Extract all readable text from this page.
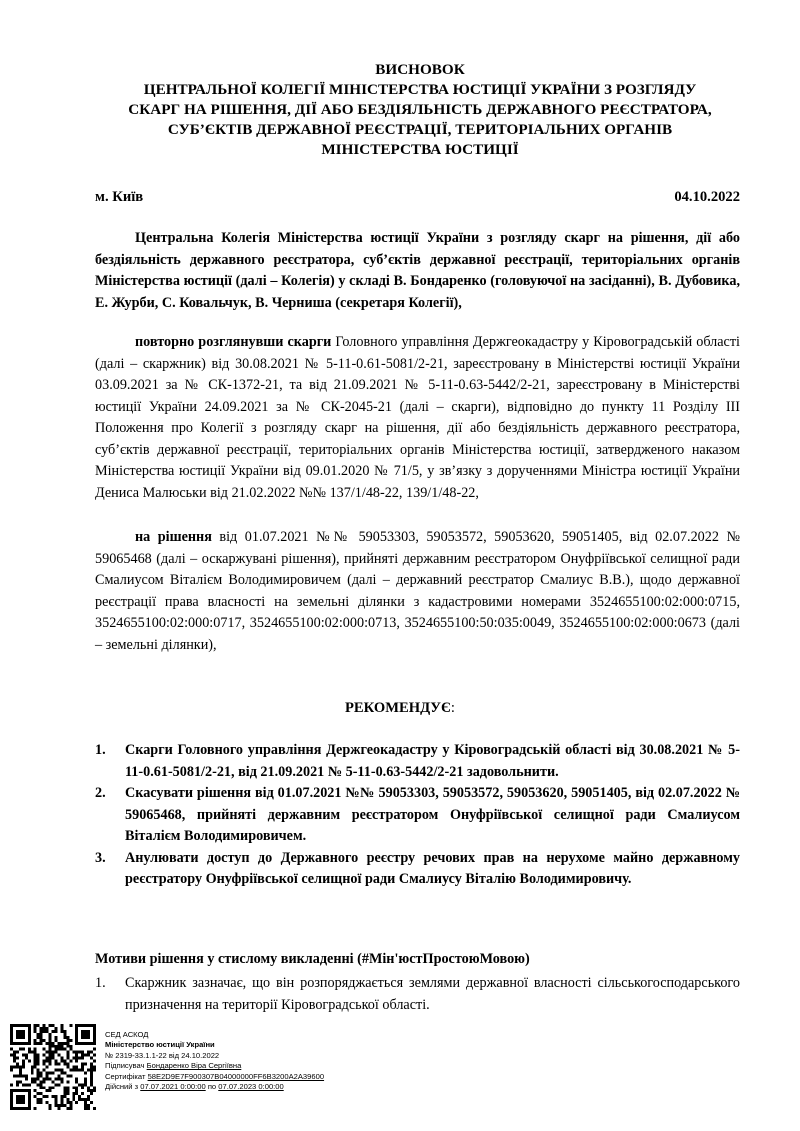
ВИСНОВОК
ЦЕНТРАЛЬНОЇ КОЛЕГІЇ МІНІСТЕРСТВА ЮСТИЦІЇ УКРАЇНИ З РОЗГЛЯДУ
СКАРГ НА РІШЕННЯ, ДІЇ АБО БЕЗДІЯЛЬНІСТЬ ДЕРЖАВНОГО РЕЄСТРАТОРА,
СУБ’ЄКТІВ ДЕРЖАВНОЇ РЕЄСТРАЦІЇ, ТЕРИТОРІАЛЬНИХ ОРГАНІВ
МІНІСТЕРСТВА ЮСТИЦІЇ
м. Київ	04.10.2022
Центральна Колегія Міністерства юстиції України з розгляду скарг на рішення, дії або бездіяльність державного реєстратора, суб’єктів державної реєстрації, територіальних органів Міністерства юстиції (далі – Колегія) у складі В. Бондаренко (головуючої на засіданні), В. Дубовика, Е. Журби, С. Ковальчук, В. Черниша (секретаря Колегії),
повторно розглянувши скарги Головного управління Держгеокадастру у Кіровоградській області (далі – скаржник) від 30.08.2021 № 5-11-0.61-5081/2-21, зареєстровану в Міністерстві юстиції України 03.09.2021 за № СК-1372-21, та від 21.09.2021 № 5-11-0.63-5442/2-21, зареєстровану в Міністерстві юстиції України 24.09.2021 за № СК-2045-21 (далі – скарги), відповідно до пункту 11 Розділу ІІІ Положення про Колегії з розгляду скарг на рішення, дії або бездіяльність державного реєстратора, суб’єктів державної реєстрації, територіальних органів Міністерства юстиції, затвердженого наказом Міністерства юстиції України від 09.01.2020 № 71/5, у зв’язку з дорученнями Міністра юстиції України Дениса Малюськи від 21.02.2022 №№ 137/1/48-22, 139/1/48-22,
на рішення від 01.07.2021 №№ 59053303, 59053572, 59053620, 59051405, від 02.07.2022 № 59065468 (далі – оскаржувані рішення), прийняті державним реєстратором Онуфріївської селищної ради Смалиусом Віталієм Володимировичем (далі – державний реєстратор Смалиус В.В.), щодо державної реєстрації права власності на земельні ділянки з кадастровими номерами 3524655100:02:000:0715, 3524655100:02:000:0717, 3524655100:02:000:0713, 3524655100:50:035:0049, 3524655100:02:000:0673 (далі – земельні ділянки),
РЕКОМЕНДУЄ:
1. Скарги Головного управління Держгеокадастру у Кіровоградській області від 30.08.2021 № 5-11-0.61-5081/2-21, від 21.09.2021 № 5-11-0.63-5442/2-21 задовольнити.
2. Скасувати рішення від 01.07.2021 №№ 59053303, 59053572, 59053620, 59051405, від 02.07.2022 № 59065468, прийняті державним реєстратором Онуфріївської селищної ради Смалиусом Віталієм Володимировичем.
3. Анулювати доступ до Державного реєстру речових прав на нерухоме майно державному реєстратору Онуфріївської селищної ради Смалиусу Віталію Володимировичу.
Мотиви рішення у стислому викладенні (#Мін'юстПростоюМовою)
1.	Скаржник зазначає, що він розпоряджається землями державної власності сільськогосподарського призначення на території Кіровоградської області.
СЕД АСКОД
Міністерство юстиції України
№ 2319-33.1.1-22 від 24.10.2022
Підписувач Бондаренко Віра Сергіївна
Сертифікат 58E2D9E7F900307B04000000FF6B3200A2A39600
Дійсний з 07.07.2021 0:00:00 по 07.07.2023 0:00:00
